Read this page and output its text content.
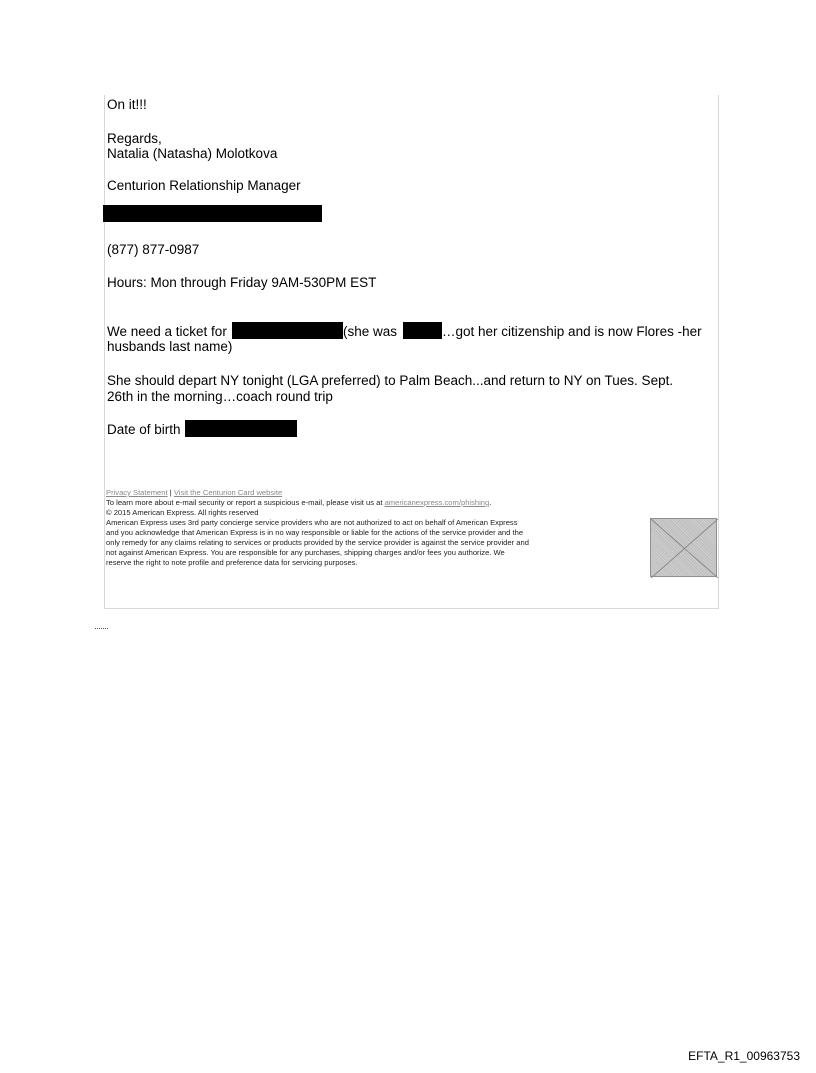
On it!!!
Regards,
Natalia (Natasha) Molotkova
Centurion Relationship Manager
(877) 877-0987
Hours: Mon through Friday 9AM-530PM EST
We need a ticket for	(she was	…got her citizenship and is now Flores -her
husbands last name)
She should depart NY tonight (LGA preferred) to Palm Beach...and return to NY on Tues. Sept.
26th in the morning…coach round trip
Date of birth
Privacy Statement | Visit the Centurion Card website
To learn more about e-mail security or report a suspicious e-mail, please visit us at americanexpress.com/phishing.
© 2015 American Express. All rights reserved
American Express uses 3rd party concierge service providers who are not authorized to act on behalf of American Express
and you acknowledge that American Express is in no way responsible or liable for the actions of the service provider and the
only remedy for any claims relating to services or products provided by the service provider is against the service provider and
not against American Express. You are responsible for any purchases, shipping charges and/or fees you authorize. We
reserve the right to note profile and preference data for servicing purposes.
EFTA_R1_00963753
